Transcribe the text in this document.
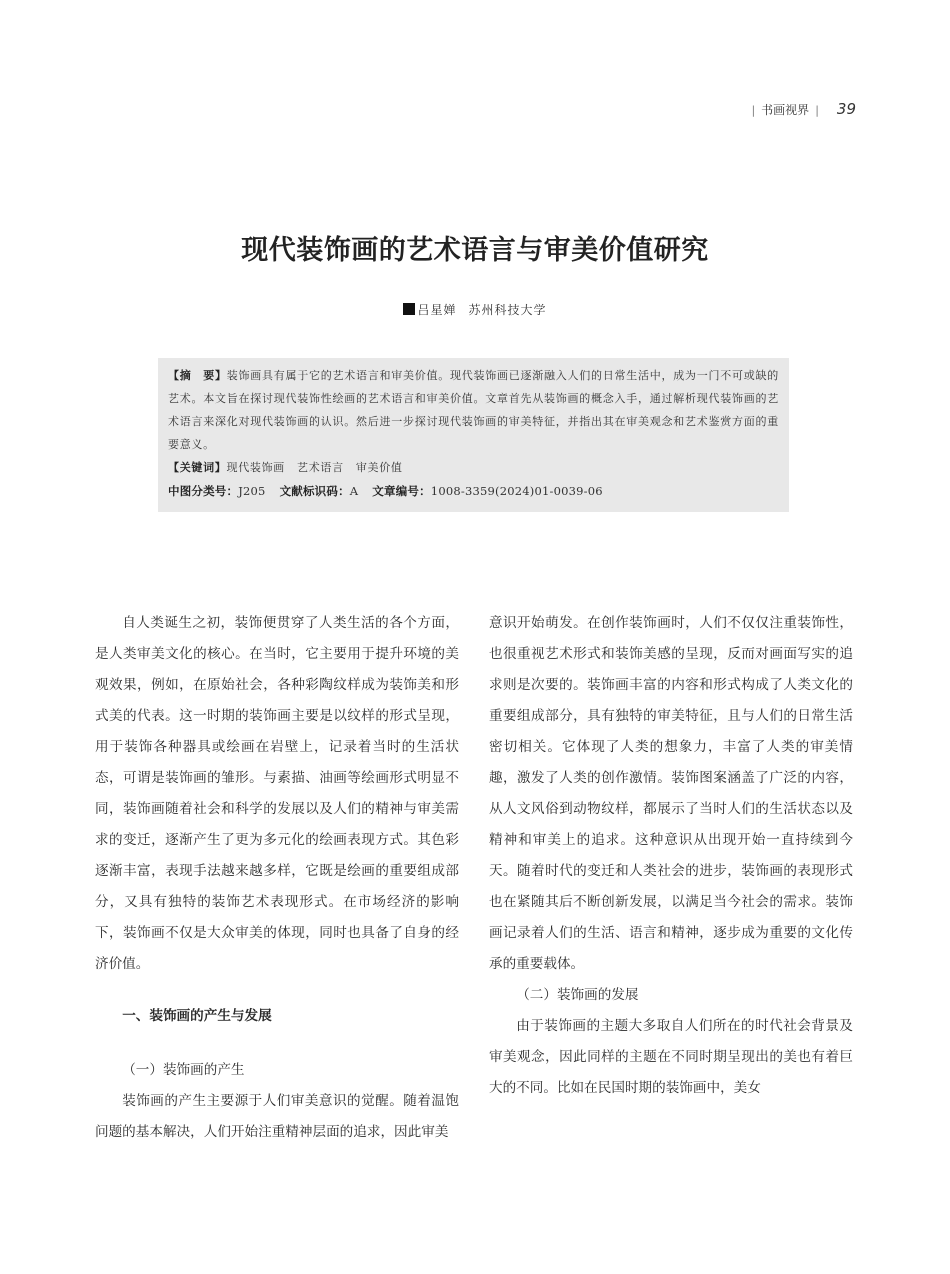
| 书画视界 | 39
现代装饰画的艺术语言与审美价值研究
吕星婵 苏州科技大学
【摘　要】装饰画具有属于它的艺术语言和审美价值。现代装饰画已逐渐融入人们的日常生活中，成为一门不可或缺的艺术。本文旨在探讨现代装饰性绘画的艺术语言和审美价值。文章首先从装饰画的概念入手，通过解析现代装饰画的艺术语言来深化对现代装饰画的认识。然后进一步探讨现代装饰画的审美特征，并指出其在审美观念和艺术鉴赏方面的重要意义。
【关键词】现代装饰画 艺术语言 审美价值
中图分类号：J205 文献标识码：A 文章编号：1008-3359(2024)01-0039-06

自人类诞生之初，装饰便贯穿了人类生活的各个方面，是人类审美文化的核心。在当时，它主要用于提升环境的美观效果，例如，在原始社会，各种彩陶纹样成为装饰美和形式美的代表。这一时期的装饰画主要是以纹样的形式呈现，用于装饰各种器具或绘画在岩壁上，记录着当时的生活状态，可谓是装饰画的雏形。与素描、油画等绘画形式明显不同，装饰画随着社会和科学的发展以及人们的精神与审美需求的变迁，逐渐产生了更为多元化的绘画表现方式。其色彩逐渐丰富，表现手法越来越多样，它既是绘画的重要组成部分，又具有独特的装饰艺术表现形式。在市场经济的影响下，装饰画不仅是大众审美的体现，同时也具备了自身的经济价值。

一、装饰画的产生与发展
（一）装饰画的产生

装饰画的产生主要源于人们审美意识的觉醒。随着温饱问题的基本解决，人们开始注重精神层面的追求，因此审美

意识开始萌发。在创作装饰画时，人们不仅仅注重装饰性，也很重视艺术形式和装饰美感的呈现，反而对画面写实的追求则是次要的。装饰画丰富的内容和形式构成了人类文化的重要组成部分，具有独特的审美特征，且与人们的日常生活密切相关。它体现了人类的想象力，丰富了人类的审美情趣，激发了人类的创作激情。装饰图案涵盖了广泛的内容，从人文风俗到动物纹样，都展示了当时人们的生活状态以及精神和审美上的追求。这种意识从出现开始一直持续到今天。随着时代的变迁和人类社会的进步，装饰画的表现形式也在紧随其后不断创新发展，以满足当今社会的需求。装饰画记录着人们的生活、语言和精神，逐步成为重要的文化传承的重要载体。

（二）装饰画的发展

由于装饰画的主题大多取自人们所在的时代社会背景及审美观念，因此同样的主题在不同时期呈现出的美也有着巨大的不同。比如在民国时期的装饰画中，美女
